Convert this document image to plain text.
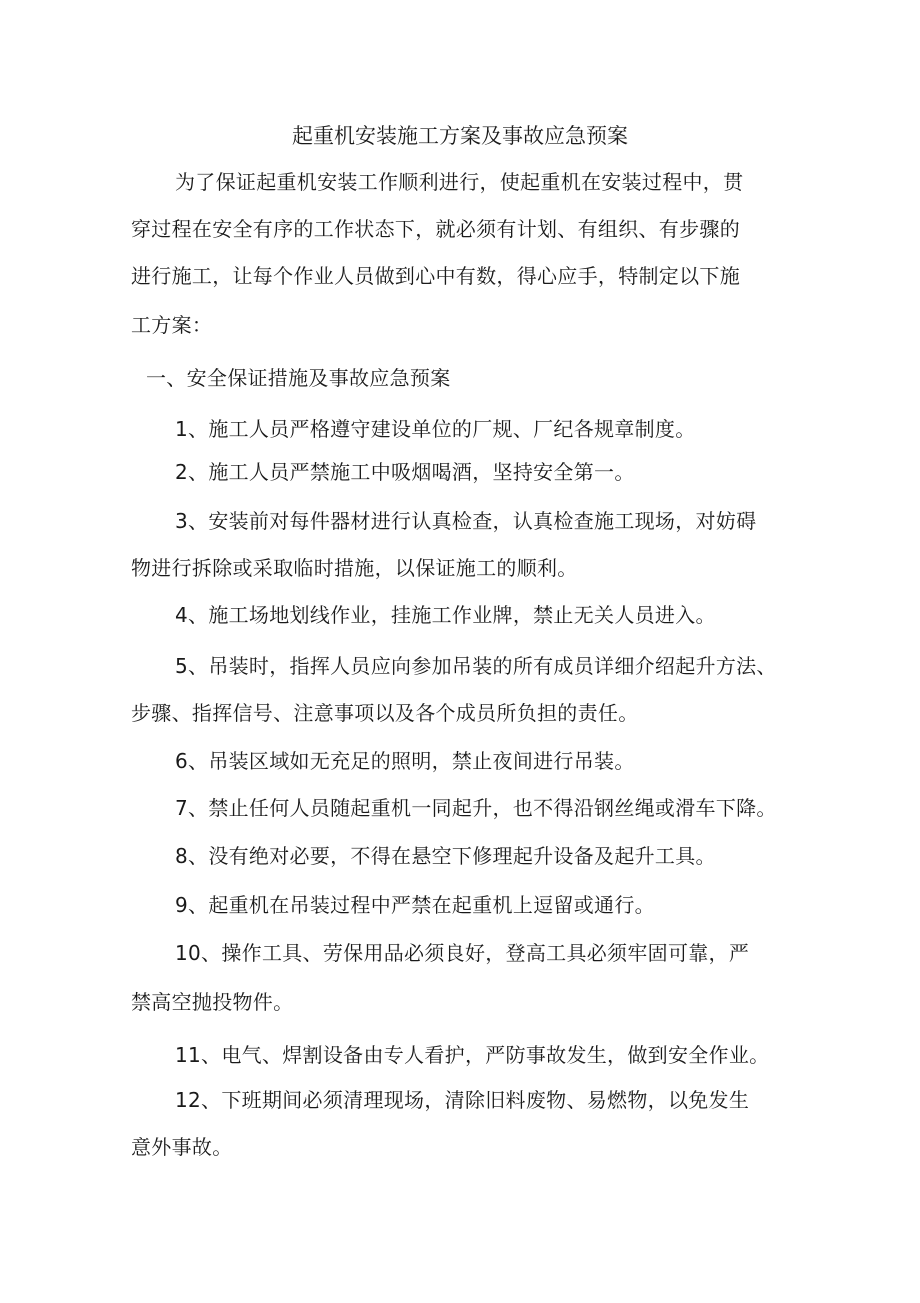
起重机安装施工方案及事故应急预案
为了保证起重机安装工作顺利进行，使起重机在安装过程中，贯
穿过程在安全有序的工作状态下，就必须有计划、有组织、有步骤的
进行施工，让每个作业人员做到心中有数，得心应手，特制定以下施
工方案：
一、安全保证措施及事故应急预案
1、施工人员严格遵守建设单位的厂规、厂纪各规章制度。
2、施工人员严禁施工中吸烟喝酒，坚持安全第一。
3、安装前对每件器材进行认真检查，认真检查施工现场，对妨碍
物进行拆除或采取临时措施，以保证施工的顺利。
4、施工场地划线作业，挂施工作业牌，禁止无关人员进入。
5、吊装时，指挥人员应向参加吊装的所有成员详细介绍起升方法、
步骤、指挥信号、注意事项以及各个成员所负担的责任。
6、吊装区域如无充足的照明，禁止夜间进行吊装。
7、禁止任何人员随起重机一同起升，也不得沿钢丝绳或滑车下降。
8、没有绝对必要，不得在悬空下修理起升设备及起升工具。
9、起重机在吊装过程中严禁在起重机上逗留或通行。
10、操作工具、劳保用品必须良好，登高工具必须牢固可靠，严
禁高空抛投物件。
11、电气、焊割设备由专人看护，严防事故发生，做到安全作业。
12、下班期间必须清理现场，清除旧料废物、易燃物，以免发生
意外事故。
